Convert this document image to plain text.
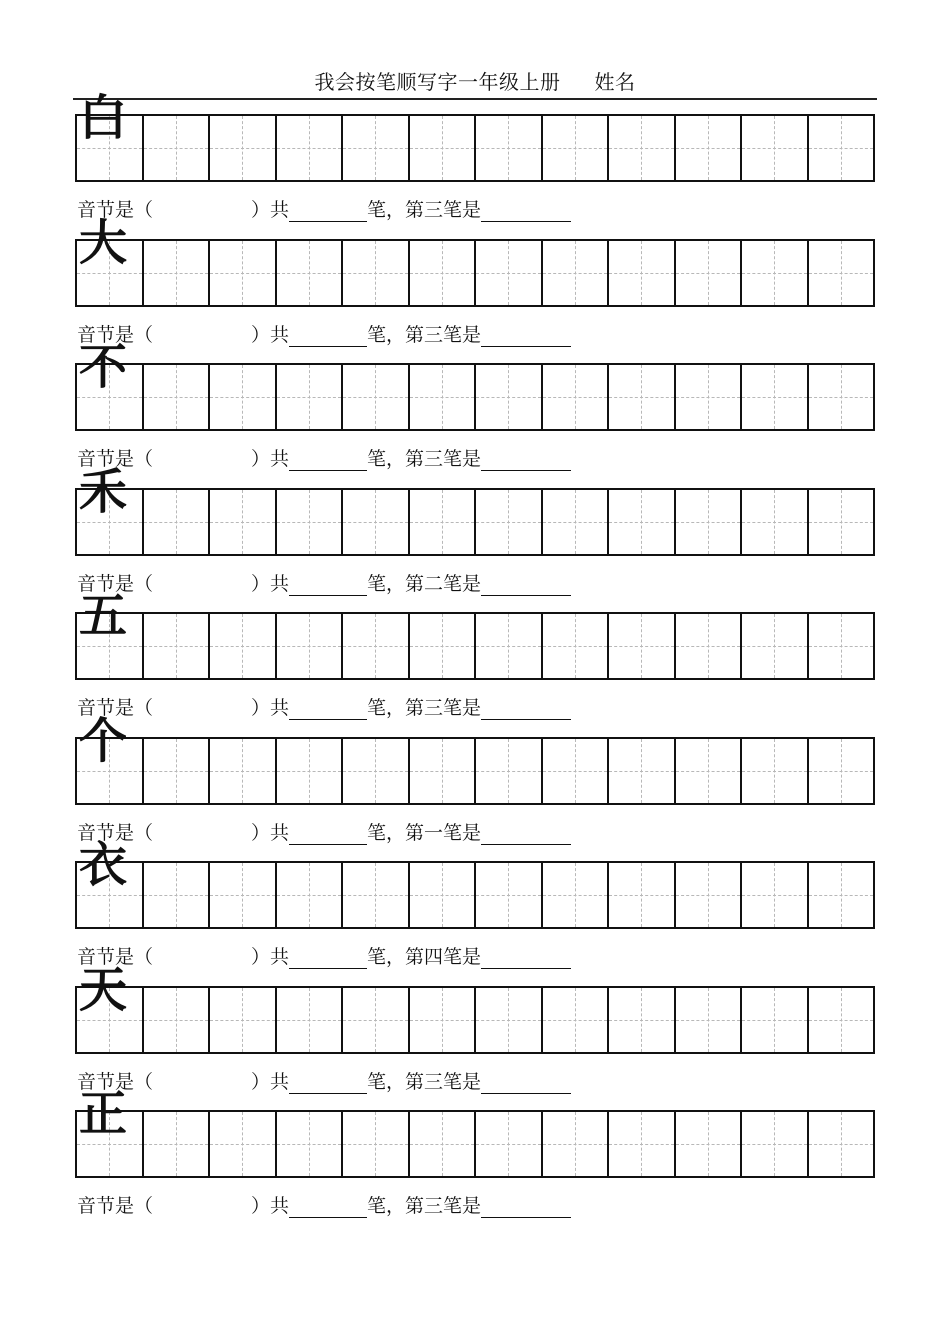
我会按笔顺写字一年级上册 姓名
白
音节是（	）共	笔，第三笔是
大
音节是（	）共	笔，第三笔是
不
音节是（	）共	笔，第三笔是
禾
音节是（	）共	笔，第二笔是
五
音节是（	）共	笔，第三笔是
个
音节是（	）共	笔，第一笔是
衣
音节是（	）共	笔，第四笔是
天
音节是（	）共	笔，第三笔是
正
音节是（	）共	笔，第三笔是
